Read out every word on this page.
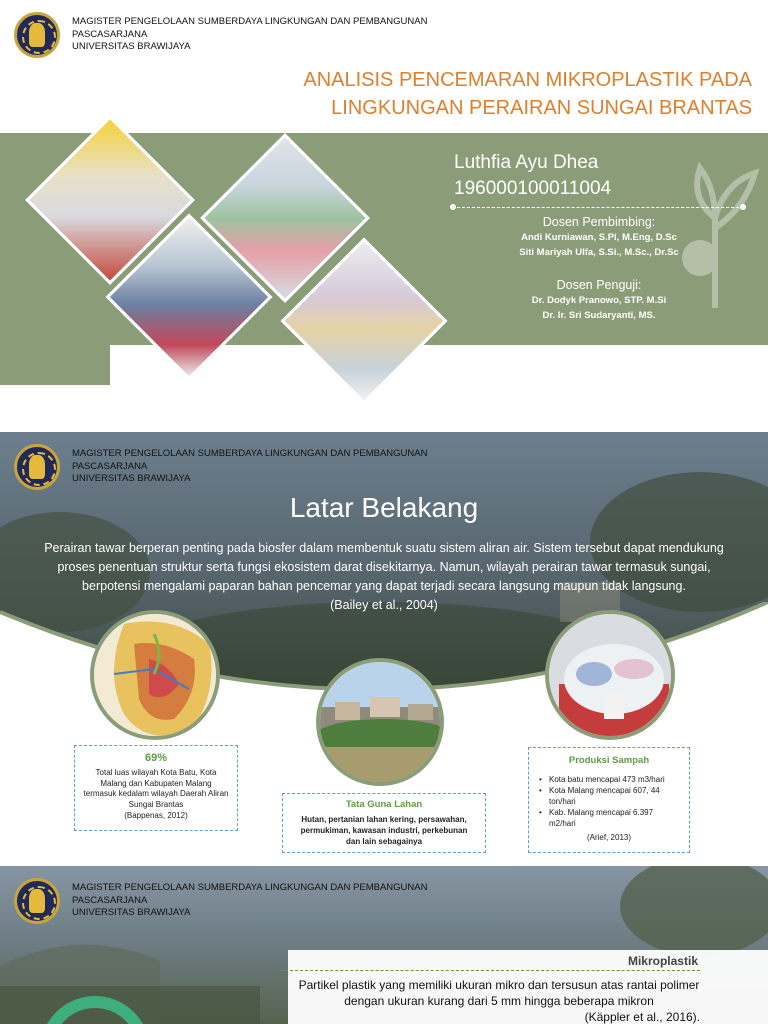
MAGISTER PENGELOLAAN SUMBERDAYA LINGKUNGAN DAN PEMBANGUNAN
PASCASARJANA
UNIVERSITAS BRAWIJAYA
ANALISIS PENCEMARAN MIKROPLASTIK PADA
LINGKUNGAN PERAIRAN SUNGAI BRANTAS
Luthfia Ayu Dhea
196000100011004
Dosen Pembimbing:
Andi Kurniawan, S.Pi, M.Eng, D.Sc
Siti Mariyah Ulfa, S.Si., M.Sc., Dr.Sc
Dosen Penguji:
Dr. Dodyk Pranowo, STP. M.Si
Dr. Ir. Sri Sudaryanti, MS.
MAGISTER PENGELOLAAN SUMBERDAYA LINGKUNGAN DAN PEMBANGUNAN
PASCASARJANA
UNIVERSITAS BRAWIJAYA
Latar Belakang
Perairan tawar berperan penting pada biosfer dalam membentuk suatu sistem aliran air. Sistem tersebut dapat mendukung proses penentuan struktur serta fungsi ekosistem darat disekitarnya. Namun, wilayah perairan tawar termasuk sungai, berpotensi mengalami paparan bahan pencemar yang dapat terjadi secara langsung maupun tidak langsung.
(Bailey et al., 2004)
69%
Total luas wilayah Kota Batu, Kota Malang dan Kabupaten Malang termasuk kedalam wilayah Daerah Aliran Sungai Brantas
(Bappenas, 2012)
Tata Guna Lahan
Hutan, pertanian lahan kering, persawahan, permukiman, kawasan industri, perkebunan dan lain sebagainya
Produksi Sampah
• Kota batu mencapai 473 m3/hari
• Kota Malang mencapai 607, 44 ton/hari
• Kab. Malang mencapai 6.397 m2/hari
(Arief, 2013)
MAGISTER PENGELOLAAN SUMBERDAYA LINGKUNGAN DAN PEMBANGUNAN
PASCASARJANA
UNIVERSITAS BRAWIJAYA
Mikroplastik
Partikel plastik yang memiliki ukuran mikro dan tersusun atas rantai polimer dengan ukuran kurang dari 5 mm hingga beberapa mikron
(Käppler et al., 2016).
